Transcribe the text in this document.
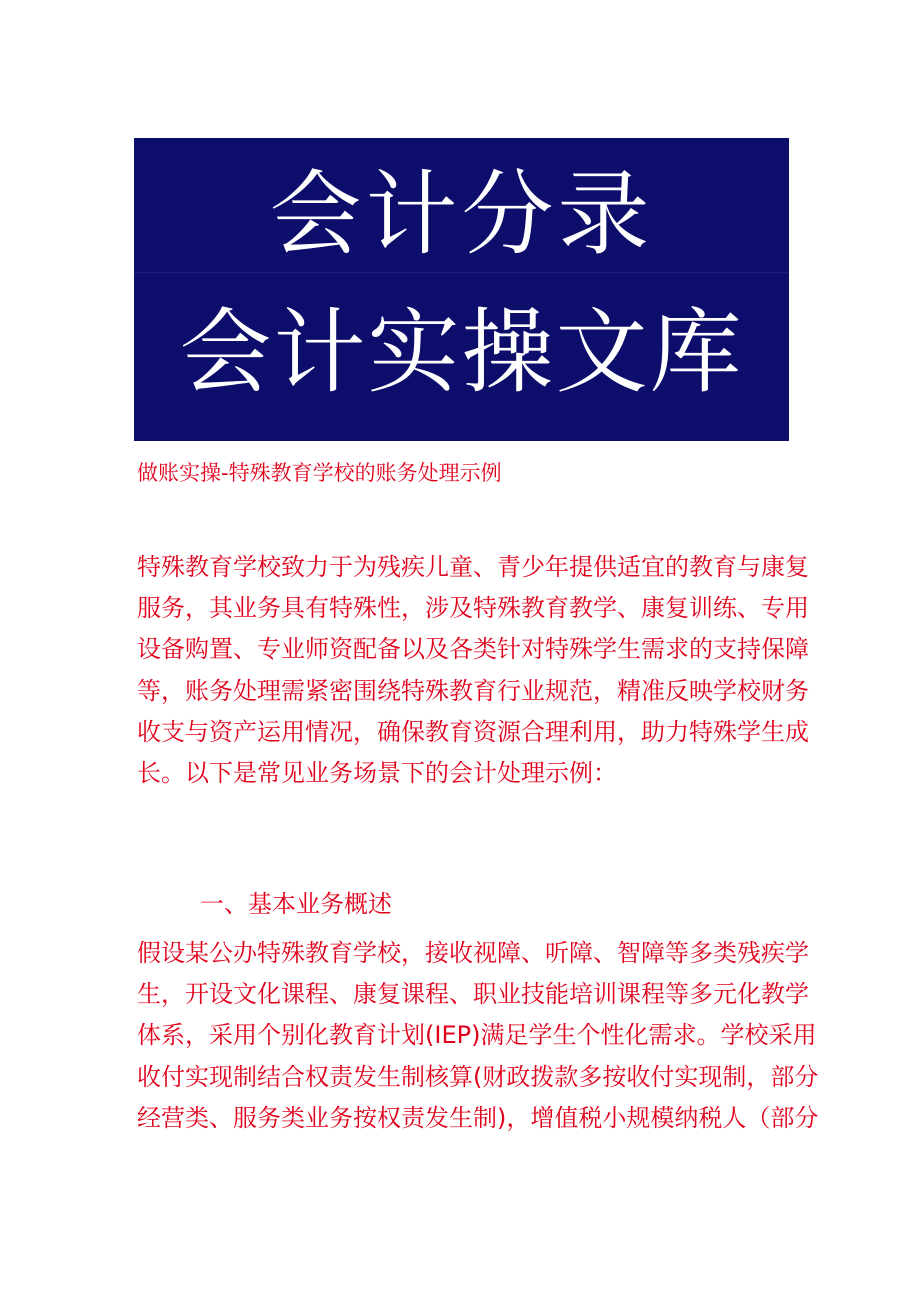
会计分录
会计实操文库
做账实操-特殊教育学校的账务处理示例
特殊教育学校致力于为残疾儿童、青少年提供适宜的教育与康复
服务，其业务具有特殊性，涉及特殊教育教学、康复训练、专用
设备购置、专业师资配备以及各类针对特殊学生需求的支持保障
等，账务处理需紧密围绕特殊教育行业规范，精准反映学校财务
收支与资产运用情况，确保教育资源合理利用，助力特殊学生成
长。以下是常见业务场景下的会计处理示例：
一、基本业务概述
假设某公办特殊教育学校，接收视障、听障、智障等多类残疾学
生，开设文化课程、康复课程、职业技能培训课程等多元化教学
体系，采用个别化教育计划(IEP)满足学生个性化需求。学校采用
收付实现制结合权责发生制核算(财政拨款多按收付实现制，部分
经营类、服务类业务按权责发生制)，增值税小规模纳税人（部分
